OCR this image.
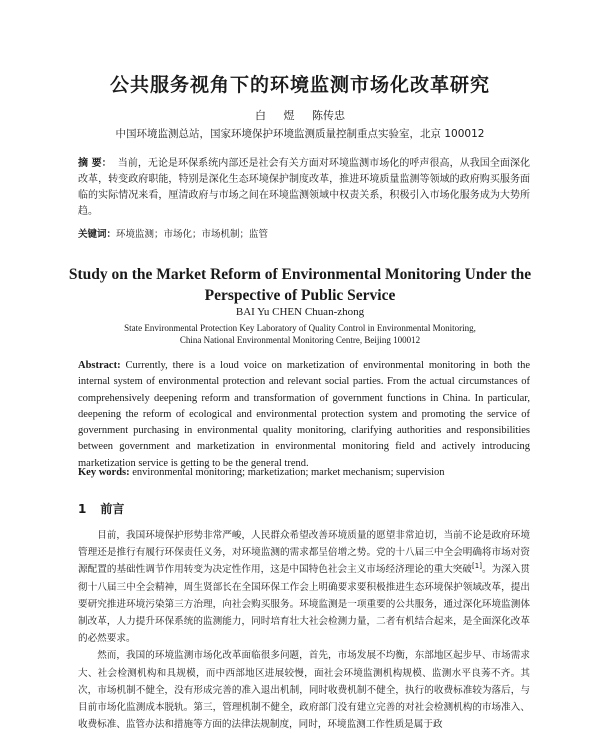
公共服务视角下的环境监测市场化改革研究
白 煜 陈传忠
中国环境监测总站，国家环境保护环境监测质量控制重点实验室，北京 100012
摘 要： 当前，无论是环保系统内部还是社会有关方面对环境监测市场化的呼声很高，从我国全面深化改革，转变政府职能，特别是深化生态环境保护制度改革，推进环境质量监测等领域的政府购买服务面临的实际情况来看，厘清政府与市场之间在环境监测领域中权责关系，积极引入市场化服务成为大势所趋。
关键词：环境监测；市场化；市场机制；监管
Study on the Market Reform of Environmental Monitoring Under the Perspective of Public Service
BAI Yu CHEN Chuan-zhong
State Environmental Protection Key Laboratory of Quality Control in Environmental Monitoring,
China National Environmental Monitoring Centre, Beijing 100012
Abstract: Currently, there is a loud voice on marketization of environmental monitoring in both the internal system of environmental protection and relevant social parties. From the actual circumstances of comprehensively deepening reform and transformation of government functions in China. In particular, deepening the reform of ecological and environmental protection system and promoting the service of government purchasing in environmental quality monitoring, clarifying authorities and responsibilities between government and marketization in environmental monitoring field and actively introducing marketization service is getting to be the general trend.
Key words: environmental monitoring; marketization; market mechanism; supervision
1 前言

目前，我国环境保护形势非常严峻，人民群众希望改善环境质量的愿望非常迫切，当前不论是政府环境管理还是推行有履行环保责任义务，对环境监测的需求都呈倍增之势。党的十八届三中全会明确将市场对资源配置的基础性调节作用转变为决定性作用，这是中国特色社会主义市场经济理论的重大突破[1]。为深入贯彻十八届三中全会精神，周生贤部长在全国环保工作会上明确要求要积极推进生态环境保护领域改革，提出要研究推进环境污染第三方治理，向社会购买服务。环境监测是一项重要的公共服务，通过深化环境监测体制改革，人力提升环保系统的监测能力，同时培育壮大社会检测力量，二者有机结合起来，是全面深化改革的必然要求。

然而，我国的环境监测市场化改革面临很多问题，首先，市场发展不均衡，东部地区起步早、市场需求大、社会检测机构和具规模，而中西部地区进展较慢，面社会环境监测机构规模、监测水平良莠不齐。其次，市场机制不健全，没有形成完善的准入退出机制，同时收费机制不健全，执行的收费标准较为落后，与目前市场化监测成本脱轨。第三，管理机制不健全，政府部门没有建立完善的对社会检测机构的市场准入、收费标准、监管办法和措施等方面的法律法规制度，同时，环境监测工作性质是属于政
